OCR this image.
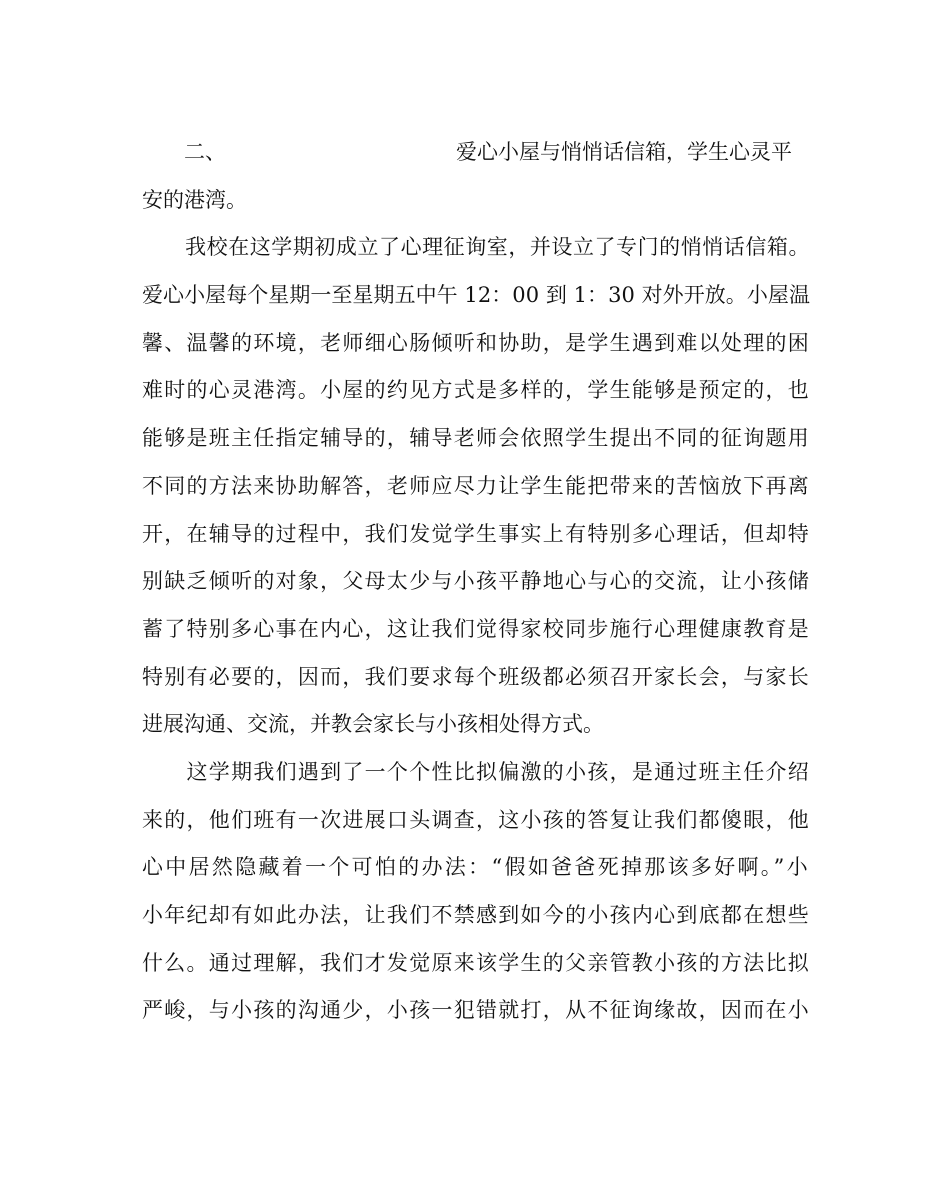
二、	爱心小屋与悄悄话信箱，学生心灵平
安的港湾。
　　我校在这学期初成立了心理征询室，并设立了专门的悄悄话信箱。
爱心小屋每个星期一至星期五中午 12：00 到 1：30 对外开放。小屋温
馨、温馨的环境，老师细心肠倾听和协助，是学生遇到难以处理的困
难时的心灵港湾。小屋的约见方式是多样的，学生能够是预定的，也
能够是班主任指定辅导的，辅导老师会依照学生提出不同的征询题用
不同的方法来协助解答，老师应尽力让学生能把带来的苦恼放下再离
开，在辅导的过程中，我们发觉学生事实上有特别多心理话，但却特
别缺乏倾听的对象，父母太少与小孩平静地心与心的交流，让小孩储
蓄了特别多心事在内心，这让我们觉得家校同步施行心理健康教育是
特别有必要的，因而，我们要求每个班级都必须召开家长会，与家长
进展沟通、交流，并教会家长与小孩相处得方式。
　　这学期我们遇到了一个个性比拟偏激的小孩，是通过班主任介绍
来的，他们班有一次进展口头调查，这小孩的答复让我们都傻眼，他
心中居然隐藏着一个可怕的办法：“假如爸爸死掉那该多好啊。”小
小年纪却有如此办法，让我们不禁感到如今的小孩内心到底都在想些
什么。通过理解，我们才发觉原来该学生的父亲管教小孩的方法比拟
严峻，与小孩的沟通少，小孩一犯错就打，从不征询缘故，因而在小
